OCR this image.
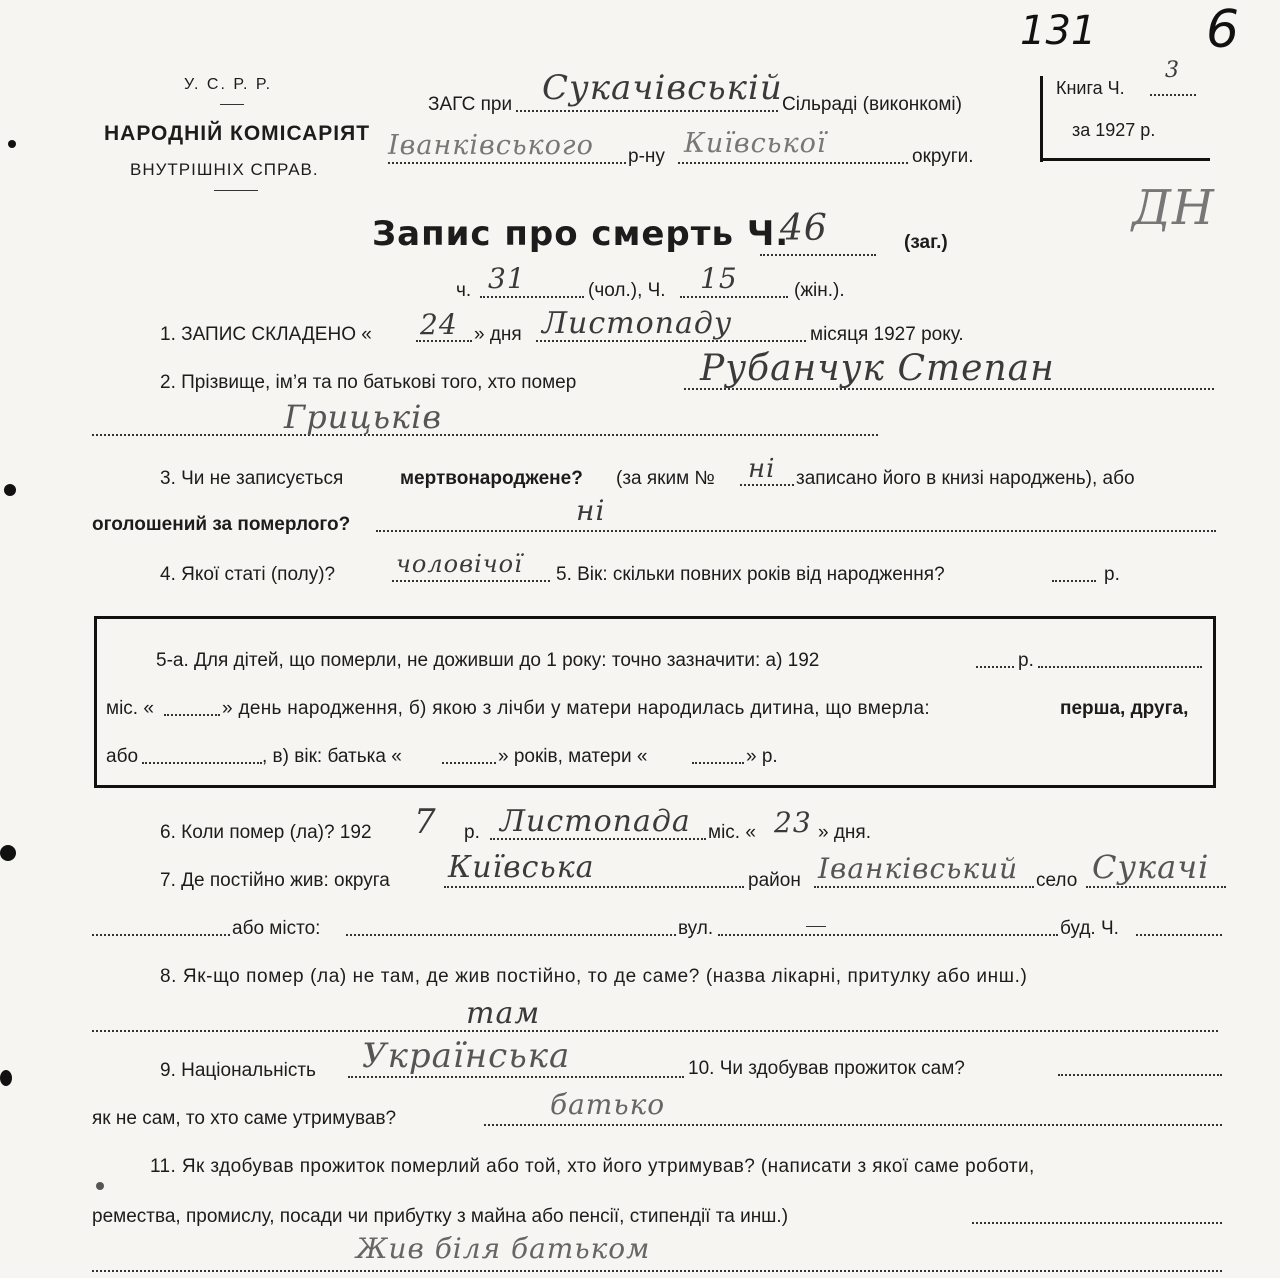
У. С. Р. Р.
НАРОДНІЙ КОМІСАРІЯТ
ВНУТРІШНІХ СПРАВ.
131 6
3
ДН
ЗАГС при Сукачівській Сільраді (виконкомі)
Іванківського р-ну Київської	округи.
Книга Ч.
за 1927 р.
Запис про смерть Ч.
46	(заг.)
ч. 31	(чол.), Ч. 15	(жін.).
1. ЗАПИС СКЛАДЕНО « 24 » дня Листопаду	місяця 1927 року.
2. Прізвище, ім’я та по батькові того, хто помер	Рубанчук Степан
Грицьків
3. Чи не записується	мертвонароджене? (за яким № ні записано його в книзі народжень), або
оголошений за померлого?	ні
4. Якої статі (полу)?	чоловічої 5. Вік: скільки повних років від народження?	р.
5-а. Для дітей, що померли, не доживши до 1 року: точно зазначити: а) 192	р.
міс. «	» день народження, б) якою з лічби у матери народилась дитина, що вмерла:	перша, друга,
або	, в) вік: батька «	» років, матери «	» р.
6. Коли помер (ла)? 192 7 р. Листопада міс. « 23 » дня.
7. Де постійно жив: округа Київська	район Іванківський село Сукачі
або місто:	вул.	буд. Ч.
8. Як-що помер (ла) не там, де жив постійно, то де саме? (назва лікарні, притулку або инш.)
там
9. Національність Українська	10. Чи здобував прожиток сам?
як не сам, то хто саме утримував?	батько
11. Як здобував прожиток померлий або той, хто його утримував? (написати з якої саме роботи,
ремества, промислу, посади чи прибутку з майна або пенсії, стипендії та инш.)
Жив біля батьком
